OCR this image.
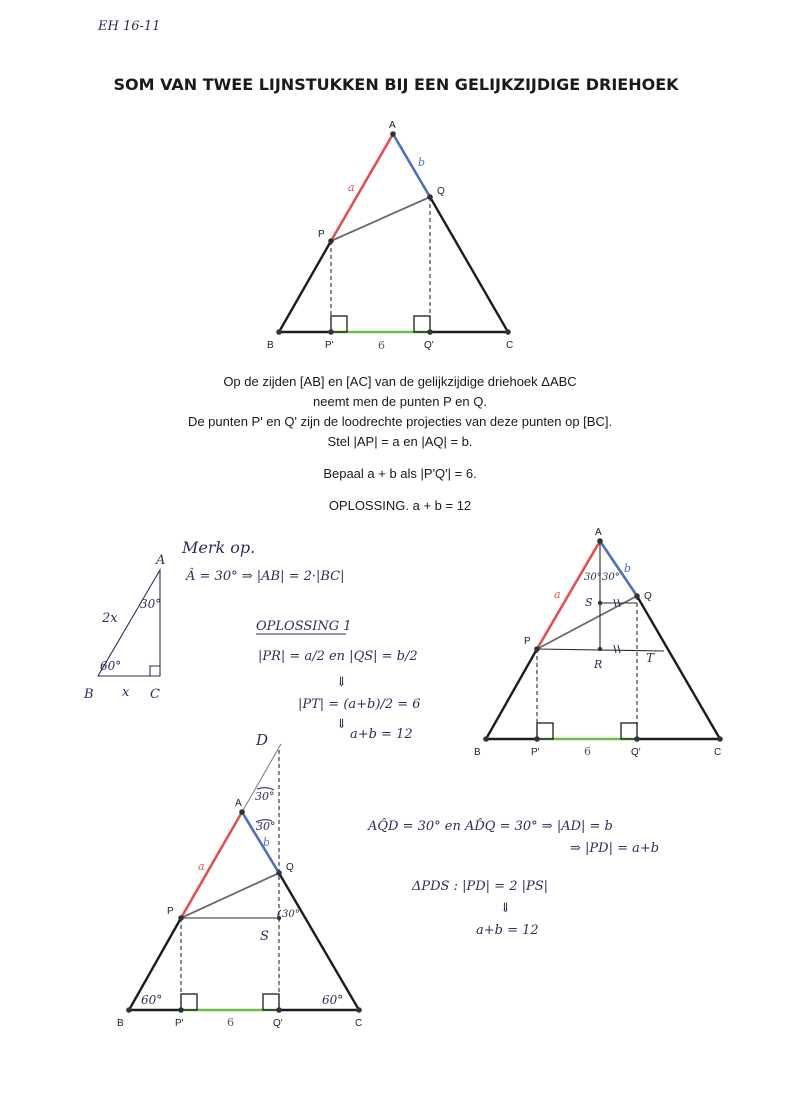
EH 16-11
SOM VAN TWEE LIJNSTUKKEN BIJ EEN GELIJKZIJDIGE DRIEHOEK
A
B	C
P
Q
P'	Q'
a
b
6
Op de zijden [AB] en [AC] van de gelijkzijdige driehoek ΔABC
neemt men de punten P en Q.
De punten P' en Q' zijn de loodrechte projecties van deze punten op [BC].
Stel |AP| = a en |AQ| = b.
Bepaal a + b als |P'Q'| = 6.
OPLOSSING. a + b = 12
Merk op.
Â = 30° ⇒ |AB| = 2·|BC|
A
B	C
2x
x
30°
60°
OPLOSSING 1
|PR| = a/2 en |QS| = b/2
⇓
|PT| = (a+b)/2 = 6
⇓
a+b = 12
A
B	C
P
Q
P'	Q'
S
R	T
a
b
6
30° 30°
D
A
B	C
P
Q
P'	Q'
S
a
b
6
30°
30°
30°
60°	60°
AQ̂D = 30° en AD̂Q = 30° ⇒ |AD| = b
⇒ |PD| = a+b
ΔPDS : |PD| = 2 |PS|
⇓
a+b = 12
